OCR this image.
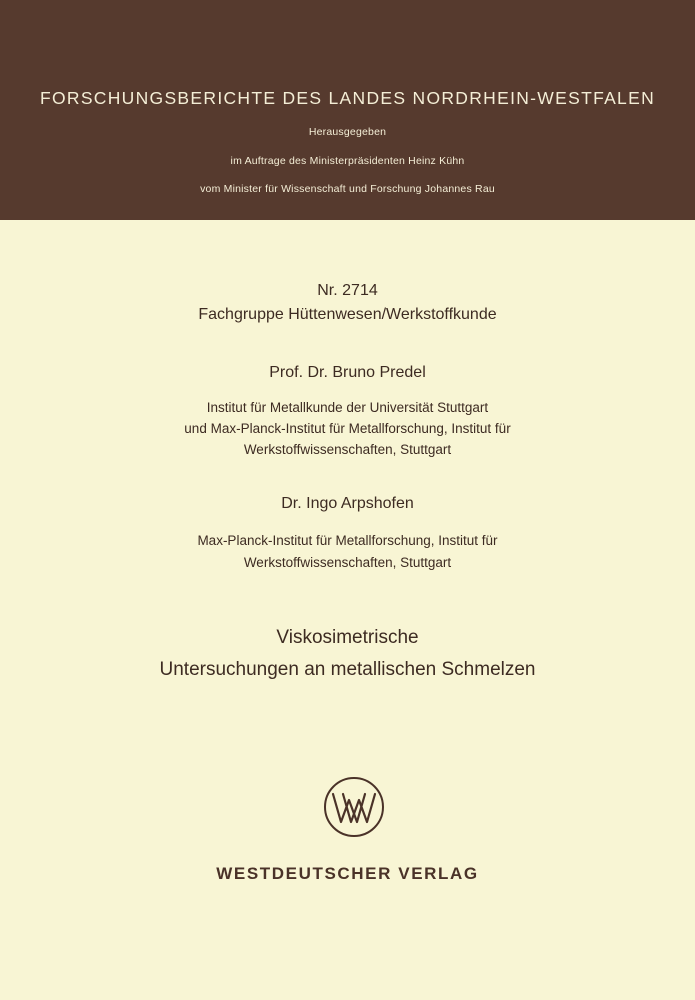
FORSCHUNGSBERICHTE DES LANDES NORDRHEIN-WESTFALEN
Herausgegeben
im Auftrage des Ministerpräsidenten Heinz Kühn
vom Minister für Wissenschaft und Forschung Johannes Rau
Nr. 2714
Fachgruppe Hüttenwesen/Werkstoffkunde
Prof. Dr. Bruno Predel
Institut für Metallkunde der Universität Stuttgart
und Max-Planck-Institut für Metallforschung, Institut für
Werkstoffwissenschaften, Stuttgart
Dr. Ingo Arpshofen
Max-Planck-Institut für Metallforschung, Institut für
Werkstoffwissenschaften, Stuttgart
Viskosimetrische
Untersuchungen an metallischen Schmelzen
WESTDEUTSCHER VERLAG
